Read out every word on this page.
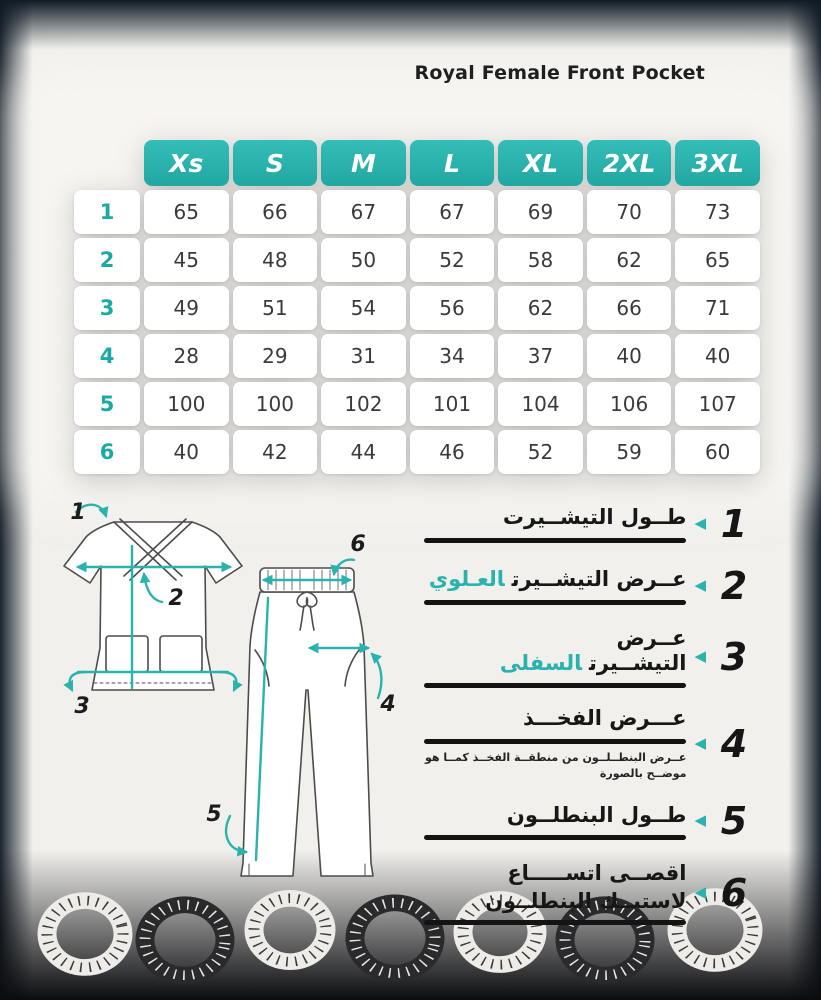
Royal Female Front Pocket
	Xs	S	M	L	XL	2XL	3XL
1	65	66	67	67	69	70	73
2	45	48	50	52	58	62	65
3	49	51	54	56	62	66	71
4	28	29	31	34	37	40	40
5	100	100	102	101	104	106	107
6	40	42	44	46	52	59	60
1
2
3
6
4
5
طــول التيشــيرت ◀ 1
عــرض التيشــيرتالعـلوي	◀ 2
عــرض التيشــيرتالسفلى	◀ 3
عـــرض الفخـــذ
عــرض البنطــلــون من منطقــة الفخــذ كمــا هو موضــح بالصورة
◀ 4
طــول البنطلــون ◀ 5
اقصــى اتســـــاع
لاستيــك البنطلــون ◀ 6
